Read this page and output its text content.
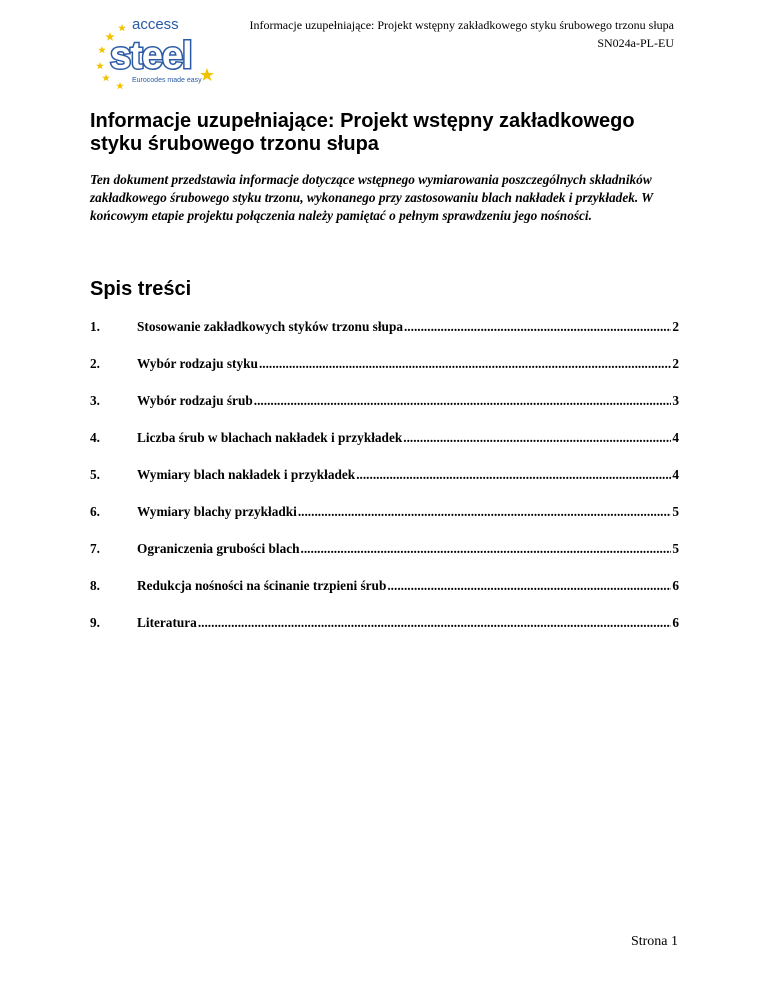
access
steel
Eurocodes made easy
Informacje uzupełniające: Projekt wstępny zakładkowego styku śrubowego trzonu słupa
SN024a-PL-EU
Informacje uzupełniające: Projekt wstępny zakładkowego
styku śrubowego trzonu słupa
Ten dokument przedstawia informacje dotyczące wstępnego wymiarowania poszczególnych składników zakładkowego śrubowego styku trzonu, wykonanego przy zastosowaniu blach nakładek i przykładek. W końcowym etapie projektu połączenia należy pamiętać o pełnym sprawdzeniu jego nośności.
Spis treści
1.	Stosowanie zakładkowych styków trzonu słupa .....	2
2.	Wybór rodzaju styku .....	2
3.	Wybór rodzaju śrub .....	3
4.	Liczba śrub w blachach nakładek i przykładek .....	4
5.	Wymiary blach nakładek i przykładek .....	4
6.	Wymiary blachy przykładki .....	5
7.	Ograniczenia grubości blach .....	5
8.	Redukcja nośności na ścinanie trzpieni śrub .....	6
9.	Literatura .....	6
Strona 1
